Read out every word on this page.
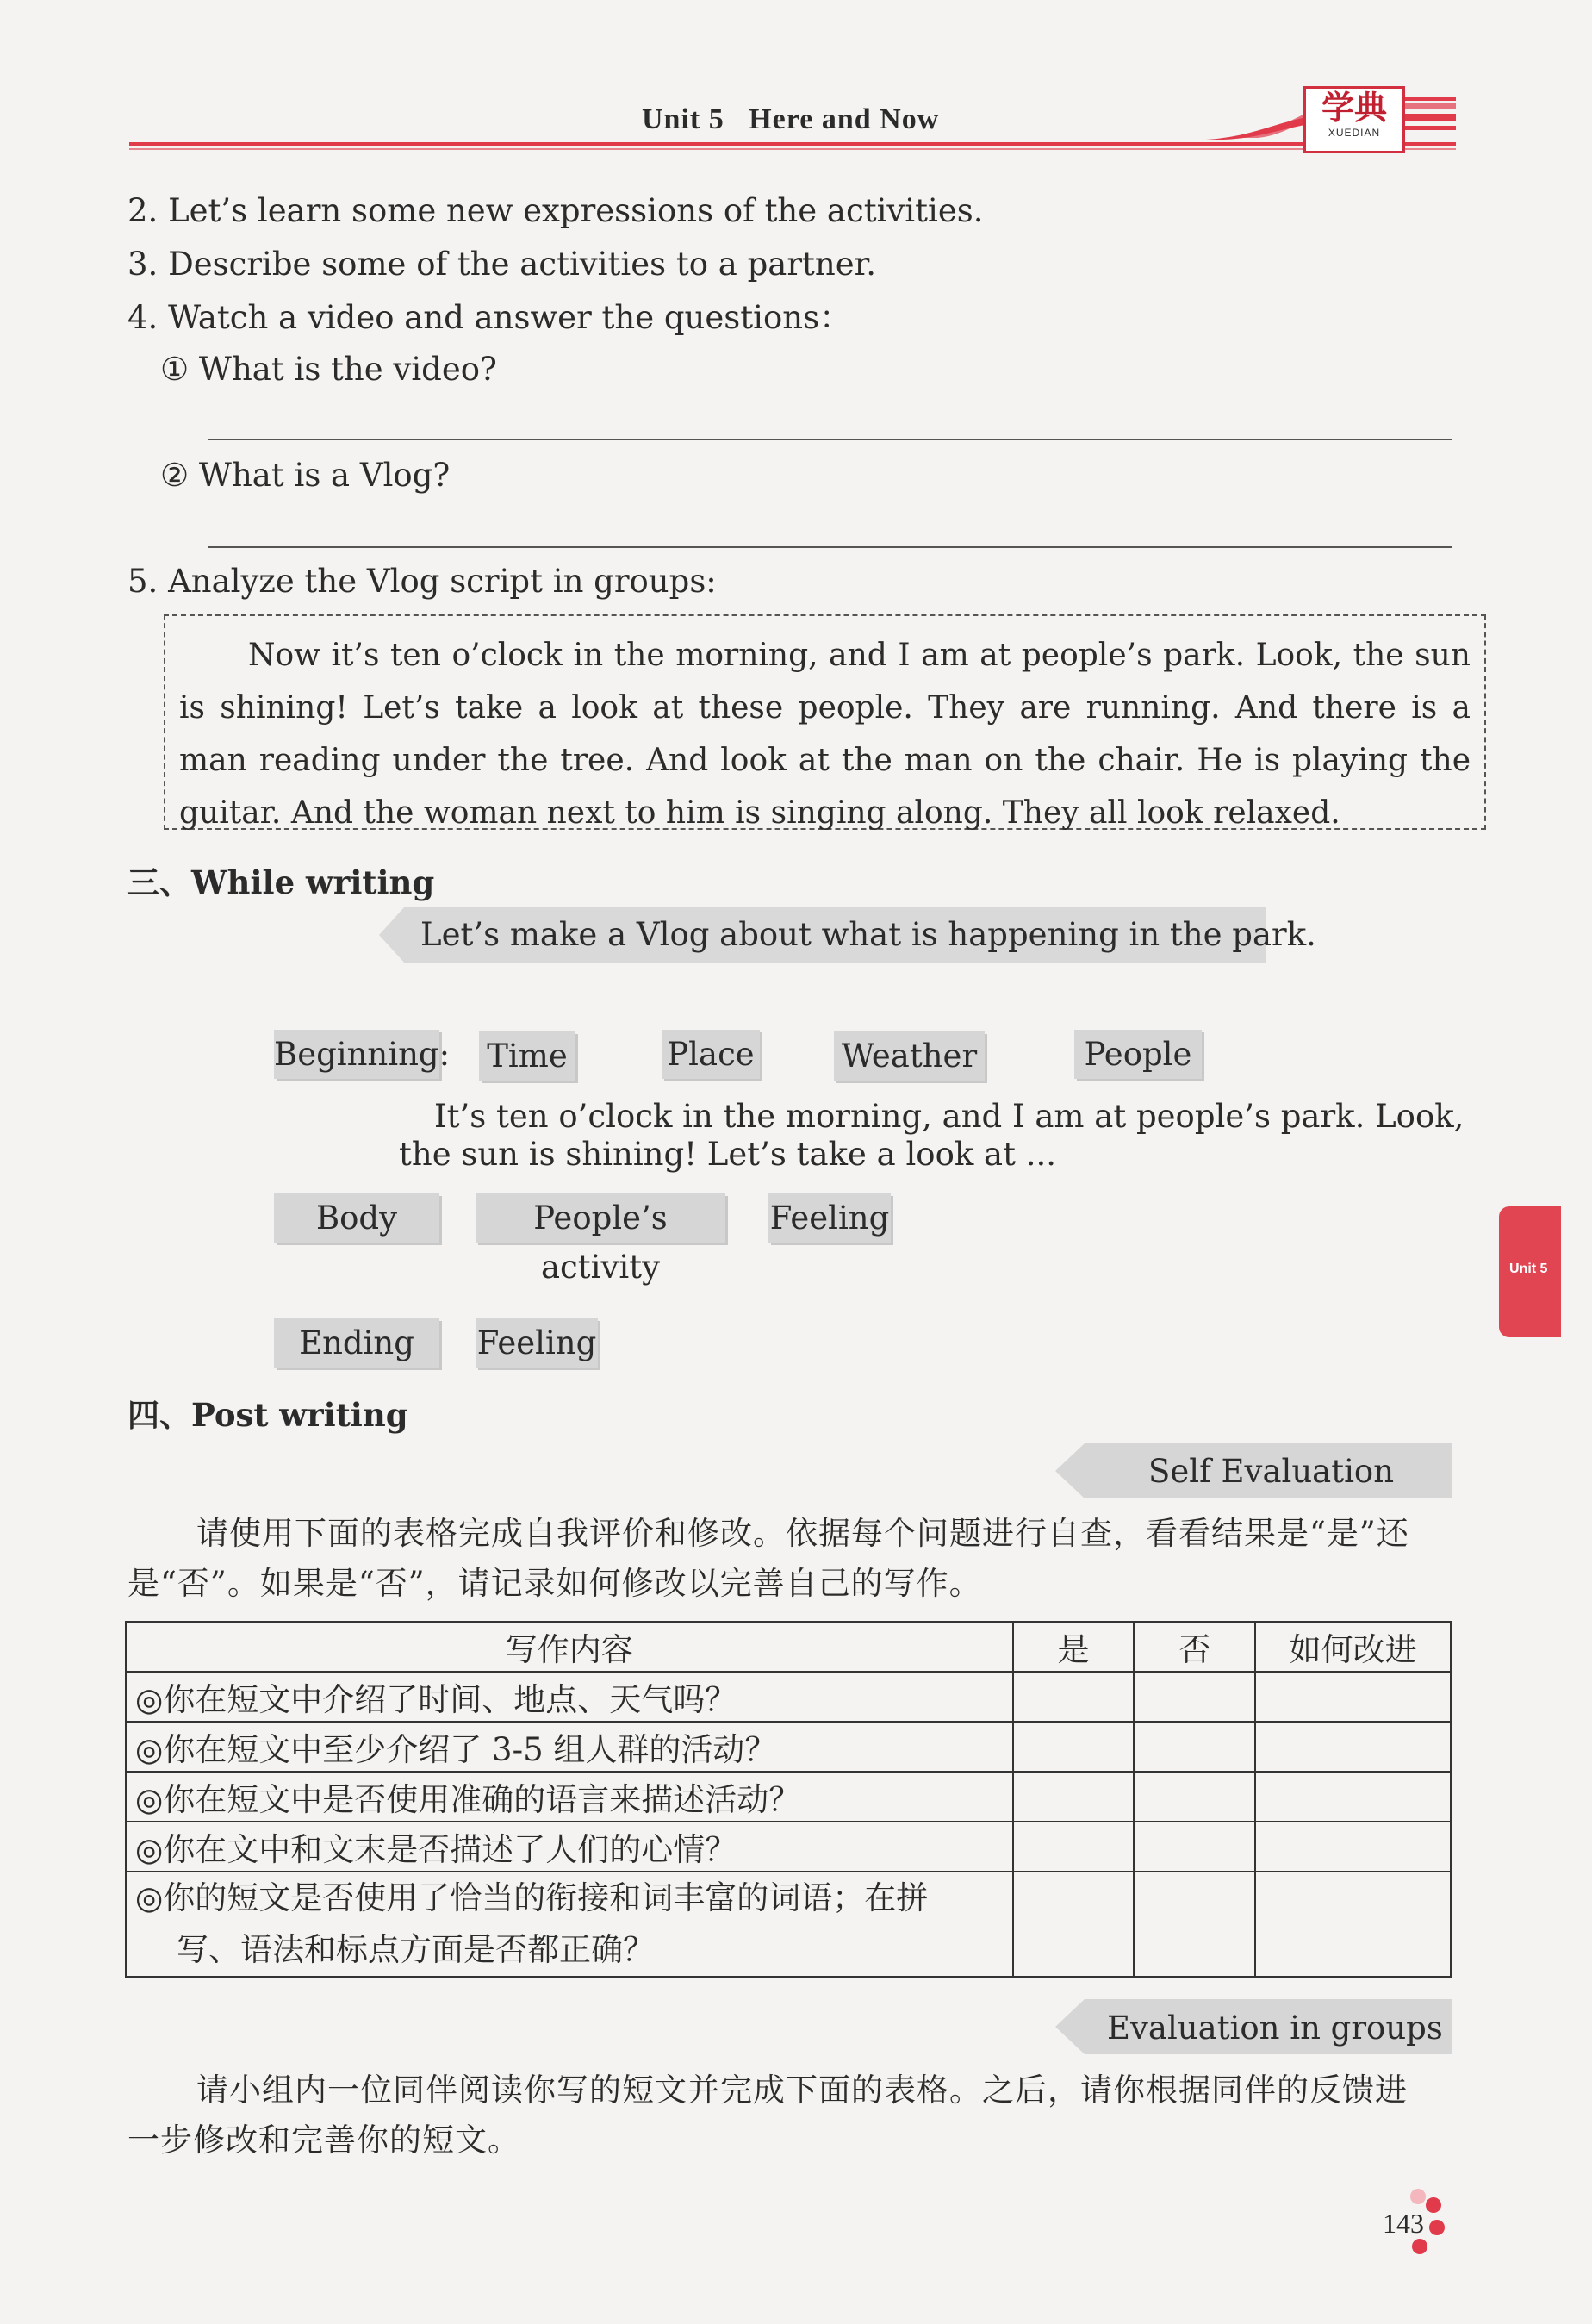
Unit 5   Here and Now	学典
XUEDIAN
2. Let’s learn some new expressions of the activities.
3. Describe some of the activities to a partner.
4. Watch a video and answer the questions：
① What is the video?
② What is a Vlog?
5. Analyze the Vlog script in groups:

Now it’s ten o’clock in the morning, and I am at people’s park. Look, the sun is shining! Let’s take a look at these people. They are running. And there is a man reading under the tree. And look at the man on the chair. He is playing the guitar. And the woman next to him is singing along. They all look relaxed.

三、While writing
Let’s make a Vlog about what is happening in the park.
Beginning: Time	Place	Weather	People
It’s ten o’clock in the morning, and I am at people’s park. Look,
the sun is shining! Let’s take a look at ...
Body	People’s activity
Feeling
Ending	Feeling
四、Post writing
Self Evaluation
请使用下面的表格完成自我评价和修改。依据每个问题进行自查，看看结果是“是”还
是“否”。如果是“否”，请记录如何修改以完善自己的写作。
写作内容	是	否	如何改进
◎你在短文中介绍了时间、地点、天气吗？			
◎你在短文中至少介绍了 3-5 组人群的活动？			
◎你在短文中是否使用准确的语言来描述活动？			
◎你在文中和文末是否描述了人们的心情？			

◎你的短文是否使用了恰当的衔接和词丰富的词语；在拼
写、语法和标点方面是否都正确？			

Evaluation in groups
请小组内一位同伴阅读你写的短文并完成下面的表格。之后，请你根据同伴的反馈进
一步修改和完善你的短文。
Unit 5
143
